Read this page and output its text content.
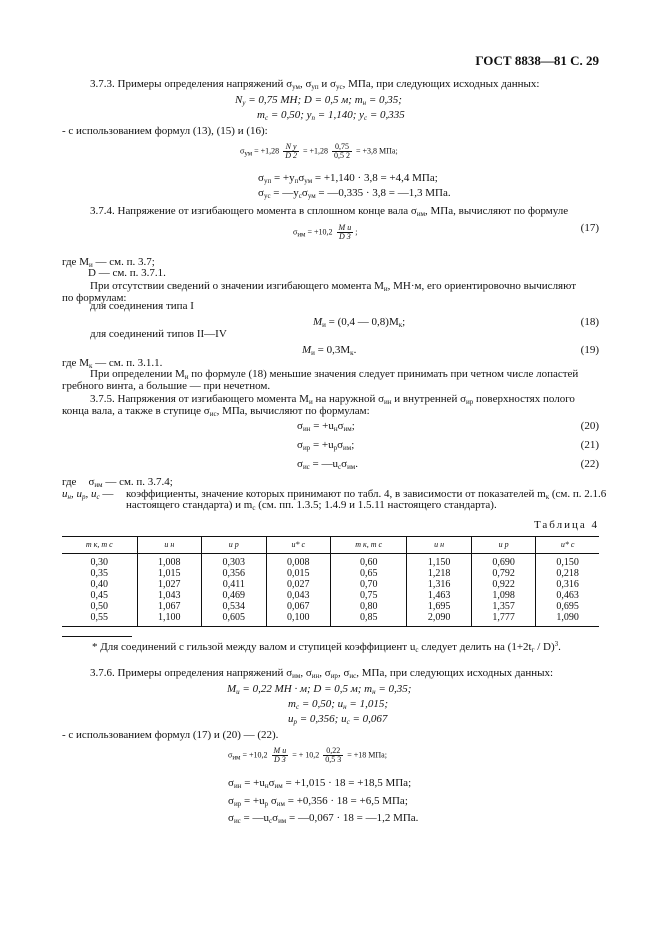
ГОСТ 8838—81 С. 29
3.7.3. Примеры определения напряжений $\sigma_{ум}$, $\sigma_{уп}$ и $\sigma_{ус}$, МПа, при следующих исходных данных:
$N_у = 0,75$ МН; D = 0,5 м; $m_н = 0,35$;
$m_c = 0,50$; $y_п = 1,140$; $y_с = 0,335$
- с использованием формул (13), (15) и (16):
$\sigma_{ум} = +1,28 \frac{\text{N у}}{D 2} = +1,28 \frac{0,75}{0,5 2} = +3,8$ МПа;
$\sigma_{уп} = +y_п\sigma_{ум} = +1,140 \cdot 3,8 = +4,4$ МПа;
$\sigma_{ус}$ = $—y_с\sigma_{ум}$ = —0,335 · 3,8 = —1,3 МПа.
3.7.4. Напряжение от изгибающего момента в сплошном конце вала $\sigma_{им}$, МПа, вычисляют по формуле
$\sigma_{им} = +10,2 \frac{\text{M и}}{D 3}$ ;	(17)
где $M_и$ — см. п. 3.7;
D — см. п. 3.7.1.
При отсутствии сведений о значении изгибающего момента $M_и$, МН·м, его ориентировочно вычисляют
по формулам:
для соединения типа I
$M_и = (0,4$ — $0,8)M_к$;	(18)
для соединений типов II—IV
$M_и = 0,3M_к$.	(19)
где $M_к$ — см. п. 3.1.1.
При определении $M_и$ по формуле (18) меньшие значения следует принимать при четном числе лопастей
гребного винта, а большие — при нечетном.
3.7.5. Напряжения от изгибающего момента $M_и$ на наружной $\sigma_{ин}$ и внутренней $\sigma_{ир}$ поверхностях полого
конца вала, а также в ступице $\sigma_{ис}$, МПа, вычисляют по формулам:
$\sigma_{ин} = +u_н\sigma_{им}$;	(20)
$\sigma_{ир} = +u_р\sigma_{им}$;	(21)
$\sigma_{ис}$ = $—u_с\sigma_{им}$.	(22)
где $\sigma_{им}$ — см. п. 3.7.4;
$u_н$, $u_р$, $u_с$ — коэффициенты, значение которых принимают по табл. 4, в зависимости от показателей $m_к$ (см. п. 2.1.6
настоящего стандарта) и $m_с$ (см. пп. 1.3.5; 1.4.9 и 1.5.11 настоящего стандарта).
Таблица 4
m к, m с	u н	u р	u* с	m к, m с	u н	u р	u* с
0,30	1,008	0,303	0,008	0,60	1,150	0,690	0,150
0,35	1,015	0,356	0,015	0,65	1,218	0,792	0,218
0,40	1,027	0,411	0,027	0,70	1,316	0,922	0,316
0,45	1,043	0,469	0,043	0,75	1,463	1,098	0,463
0,50	1,067	0,534	0,067	0,80	1,695	1,357	0,695
0,55	1,100	0,605	0,100	0,85	2,090	1,777	1,090
* Для соединений с гильзой между валом и ступицей коэффициент $u_c$ следует делить на $(1+2t_г / D)^3$.
3.7.6. Примеры определения напряжений $\sigma_{им}$, $\sigma_{ин}$, $\sigma_{ир}$, $\sigma_{ис}$, МПа, при следующих исходных данных:
$M_и = 0,22$ МН · м; D = 0,5 м; $m_н = 0,35$;
$m_c = 0,50$; $u_н = 1,015$;
$u_р = 0,356$; $u_с = 0,067$
- с использованием формул (17) и (20) — (22).
$\sigma_{им} = +10,2 \frac{\text{M и}}{D 3}$ = + $10,2 \frac{0,22}{0,5 3} = +18$ МПа;
$\sigma_{ин} = +u_н\sigma_{им} = +1,015 \cdot 18 = +18,5$ МПа;
$\sigma_{ир} = +u_р$ $\sigma_{им} = +0,356 \cdot 18 = +6,5$ МПа;
$\sigma_{ис}$ = $—u_с\sigma_{им}$ = —0,067 · 18 = —1,2 МПа.
